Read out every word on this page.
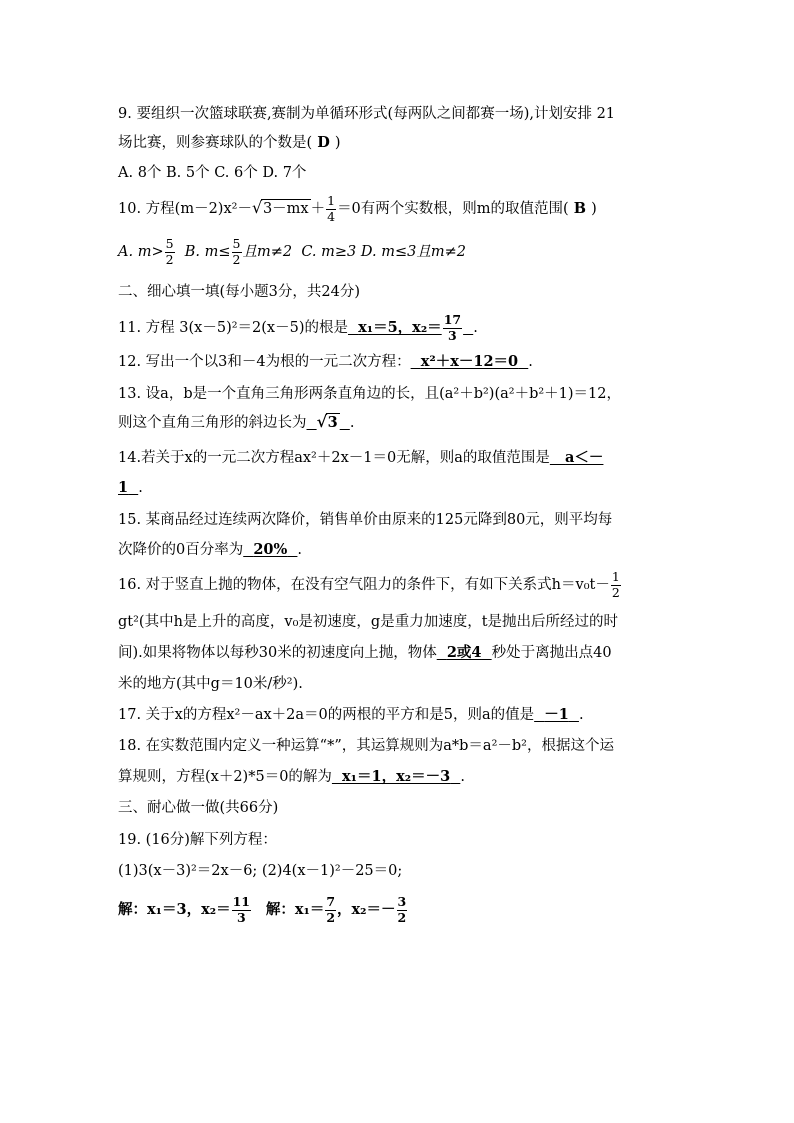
9. 要组织一次篮球联赛,赛制为单循环形式(每两队之间都赛一场),计划安排 21
场比赛，则参赛球队的个数是( D )
A. 8个 B. 5个 C. 6个 D. 7个
10. 方程(m－2)x²－ √ $3-mx + \frac{1}{4} =0$有两个实数根，则m的取值范围( B )
A. $m> \frac{5}{2} B$. $m\le \frac{5}{2}$ 且m≠2 C. m≥3 D. m≤3且m≠2
二、细心填一填(每小题3分，共24分)
11. 方程 3(x－5)²＝2(x－5)的根是 x₁＝5，$x_2= \frac{17}{3}$ .
12. 写出一个以3和－4为根的一元二次方程： x²＋x－12＝0 .
13. 设a，b是一个直角三角形两条直角边的长，且(a²＋b²)(a²＋b²＋1)＝12，
则这个直角三角形的斜边长为 √ 3 .
14.若关于x的一元二次方程ax²＋2x－1＝0无解，则a的取值范围是 a＜－
1 .
15. 某商品经过连续两次降价，销售单价由原来的125元降到80元，则平均每
次降价的0百分率为 20% .
16. 对于竖直上抛的物体，在没有空气阻力的条件下，有如下关系式$h=v_0t- \frac{1}{2}$
gt²(其中h是上升的高度，v₀是初速度，g是重力加速度，t是抛出后所经过的时
间).如果将物体以每秒30米的初速度向上抛，物体 2或4 秒处于离抛出点40
米的地方(其中g＝10米/秒²).
17. 关于x的方程x²－ax＋2a＝0的两根的平方和是5，则a的值是 －1 .
18. 在实数范围内定义一种运算“*”，其运算规则为a*b＝a²－b²，根据这个运
算规则，方程(x＋2)*5＝0的解为 x₁＝1，x₂＝－3 .
三、耐心做一做(共66分)
19. (16分)解下列方程：
(1)3(x－3)²＝2x－6; (2)4(x－1)²－25＝0;
解：x₁＝3，$x_2= \frac{11}{3}$ 解：$x_1= \frac{7}{2}$ ，$x_2=- \frac{3}{2}$
